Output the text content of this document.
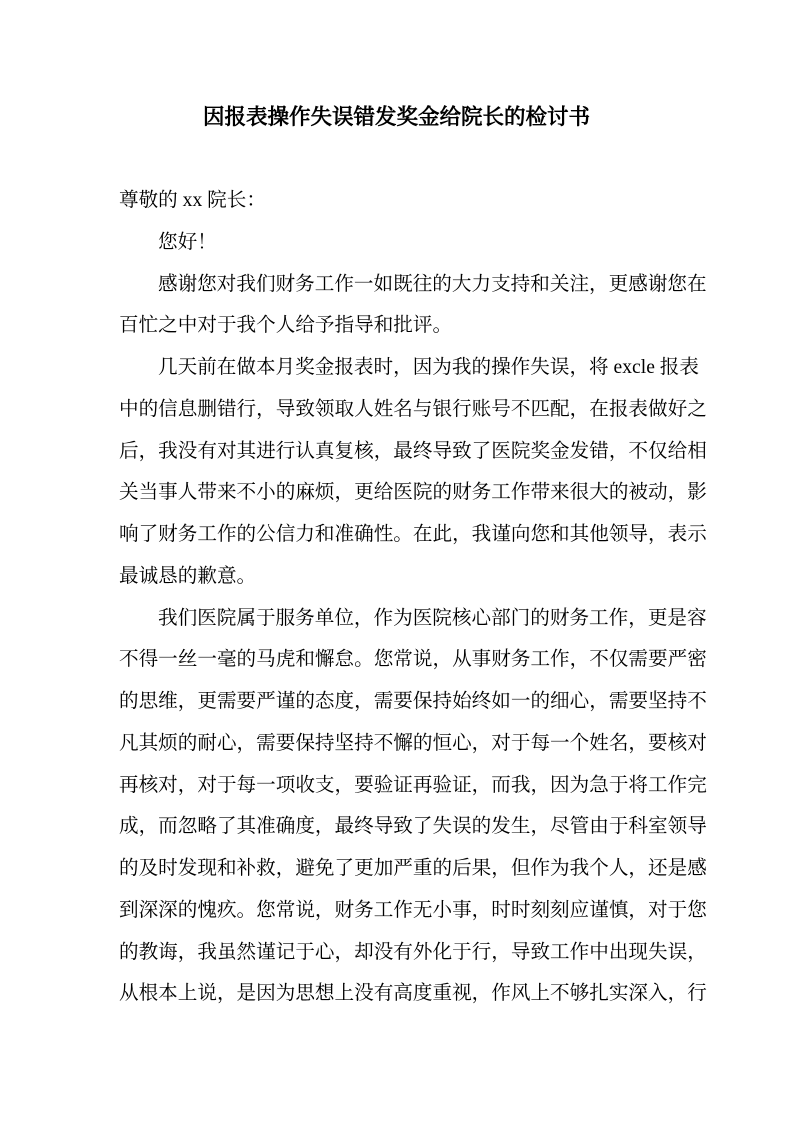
因报表操作失误错发奖金给院长的检讨书
尊敬的 xx 院长：
您好！
感谢您对我们财务工作一如既往的大力支持和关注，更感谢您在
百忙之中对于我个人给予指导和批评。
几天前在做本月奖金报表时，因为我的操作失误，将 excle 报表
中的信息删错行，导致领取人姓名与银行账号不匹配，在报表做好之
后，我没有对其进行认真复核，最终导致了医院奖金发错，不仅给相
关当事人带来不小的麻烦，更给医院的财务工作带来很大的被动，影
响了财务工作的公信力和准确性。在此，我谨向您和其他领导，表示
最诚恳的歉意。
我们医院属于服务单位，作为医院核心部门的财务工作，更是容
不得一丝一毫的马虎和懈怠。您常说，从事财务工作，不仅需要严密
的思维，更需要严谨的态度，需要保持始终如一的细心，需要坚持不
凡其烦的耐心，需要保持坚持不懈的恒心，对于每一个姓名，要核对
再核对，对于每一项收支，要验证再验证，而我，因为急于将工作完
成，而忽略了其准确度，最终导致了失误的发生，尽管由于科室领导
的及时发现和补救，避免了更加严重的后果，但作为我个人，还是感
到深深的愧疚。您常说，财务工作无小事，时时刻刻应谨慎，对于您
的教诲，我虽然谨记于心，却没有外化于行，导致工作中出现失误，
从根本上说，是因为思想上没有高度重视，作风上不够扎实深入，行
